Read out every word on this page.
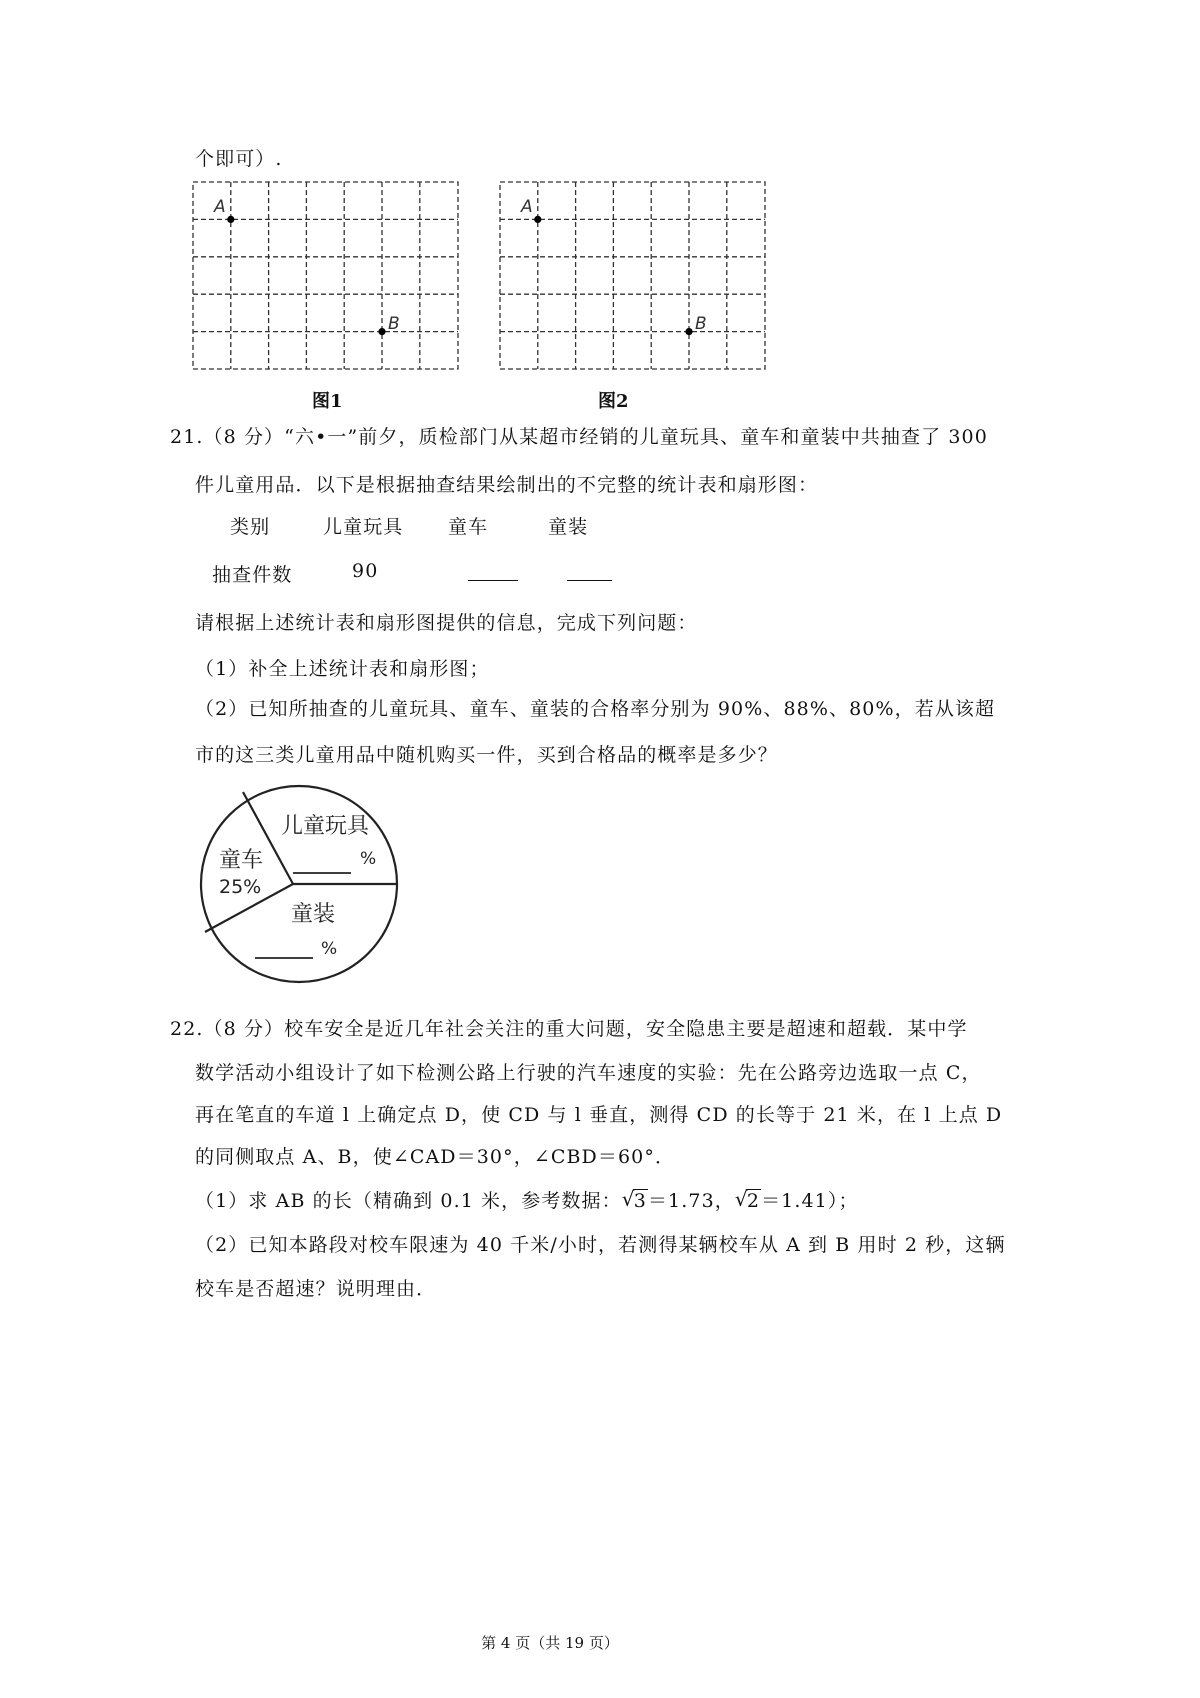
个即可）.
A
B
图1
A
B
图2
21.（8 分）“六•一”前夕，质检部门从某超市经销的儿童玩具、童车和童装中共抽查了 300
件儿童用品．以下是根据抽查结果绘制出的不完整的统计表和扇形图：
类别	儿童玩具 童车	童装
抽查件数	90
请根据上述统计表和扇形图提供的信息，完成下列问题：
（1）补全上述统计表和扇形图；
（2）已知所抽查的儿童玩具、童车、童装的合格率分别为 90%、88%、80%，若从该超
市的这三类儿童用品中随机购买一件，买到合格品的概率是多少？
儿童玩具
%
童车
25%
童装
%
22.（8 分）校车安全是近几年社会关注的重大问题，安全隐患主要是超速和超载．某中学
数学活动小组设计了如下检测公路上行驶的汽车速度的实验：先在公路旁边选取一点 C，
再在笔直的车道 l 上确定点 D，使 CD 与 l 垂直，测得 CD 的长等于 21 米，在 l 上点 D
的同侧取点 A、B，使∠CAD＝30°，∠CBD＝60°．
（1）求 AB 的长（精确到 0.1 米，参考数据： √
3＝1.73， √
2＝1.41）；
（2）已知本路段对校车限速为 40 千米/小时，若测得某辆校车从 A 到 B 用时 2 秒，这辆
校车是否超速？说明理由．
第 4 页（共 19 页）
